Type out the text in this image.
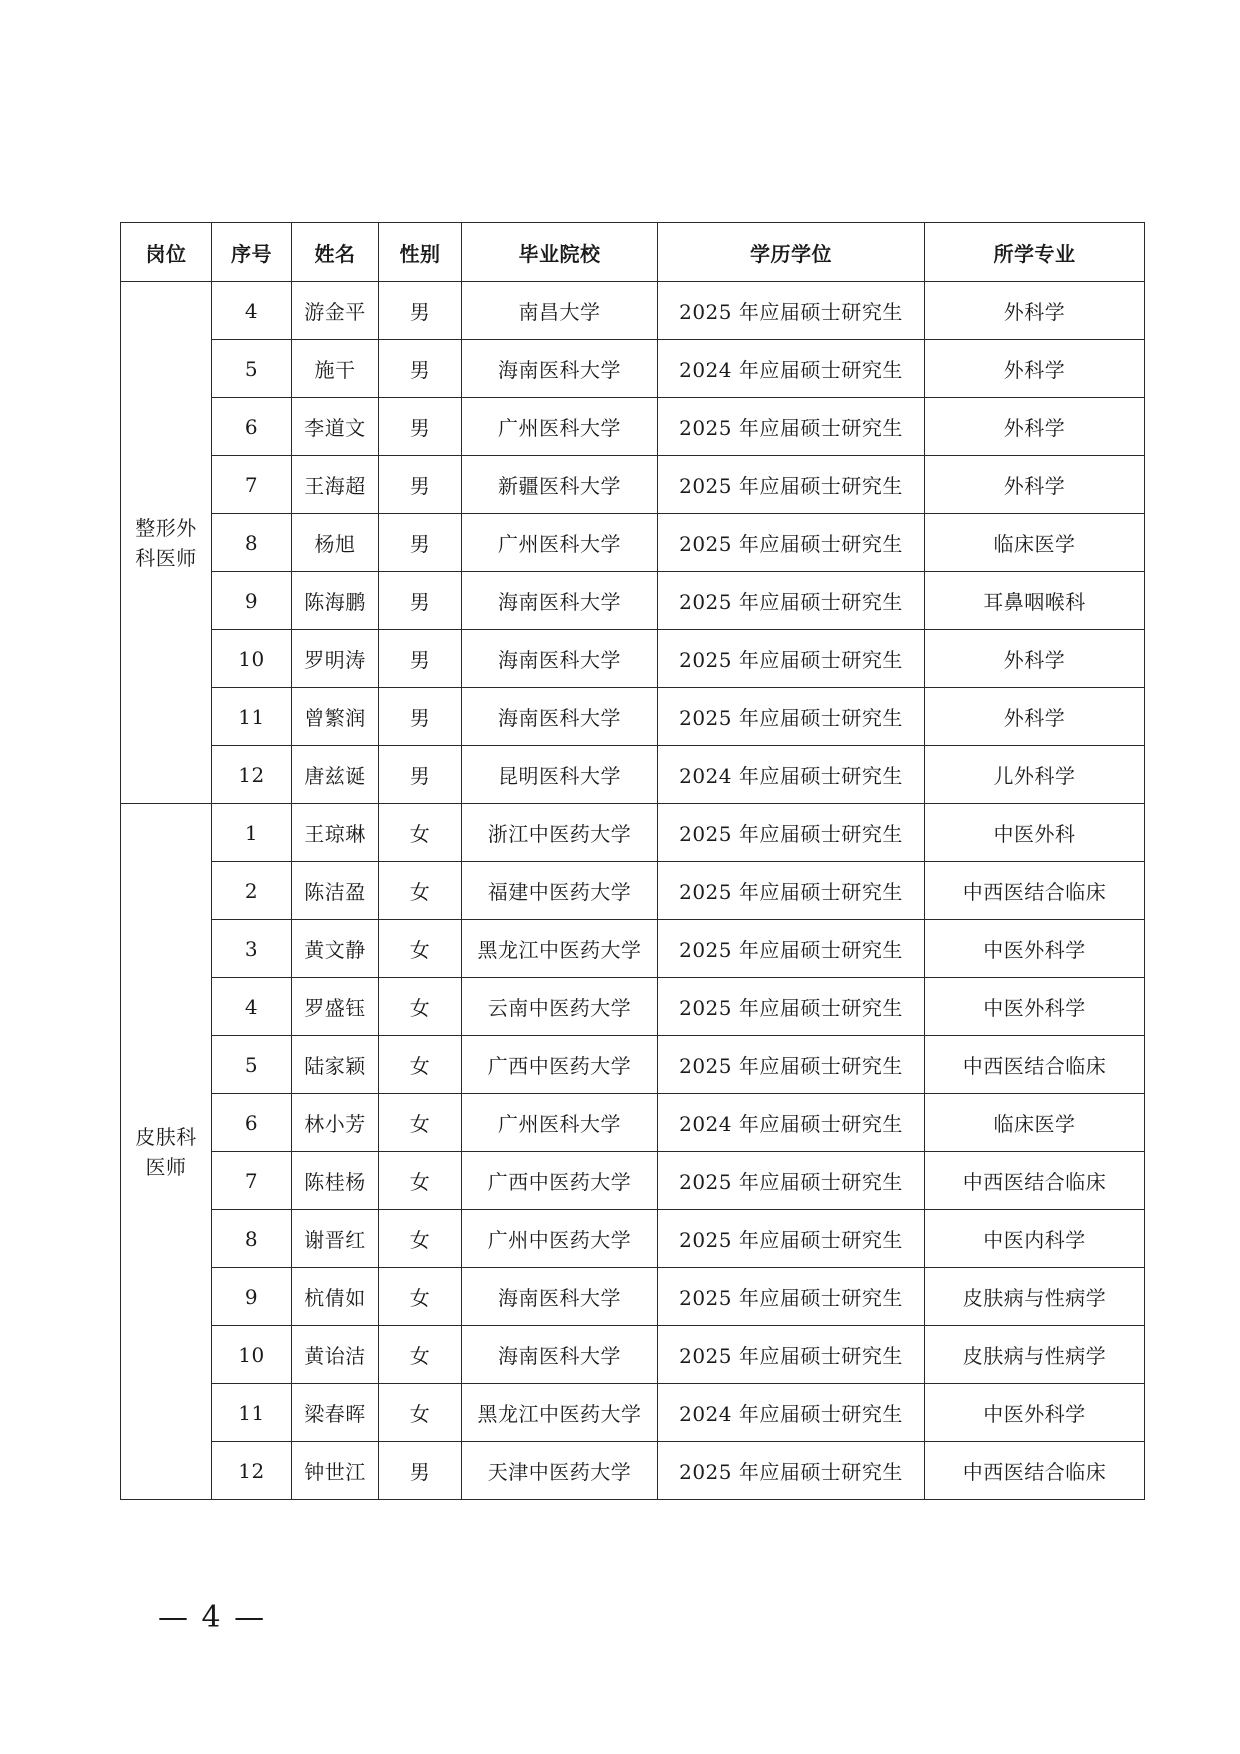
岗位	序号	姓名	性别	毕业院校	学历学位	所学专业

整形外
科医师	4	游金平	男	南昌大学	2025 年应届硕士研究生	外科学
	5	施干	男	海南医科大学	2024 年应届硕士研究生	外科学
	6	李道文	男	广州医科大学	2025 年应届硕士研究生	外科学
	7	王海超	男	新疆医科大学	2025 年应届硕士研究生	外科学
	8	杨旭	男	广州医科大学	2025 年应届硕士研究生	临床医学
	9	陈海鹏	男	海南医科大学	2025 年应届硕士研究生	耳鼻咽喉科
	10	罗明涛	男	海南医科大学	2025 年应届硕士研究生	外科学
	11	曾繁润	男	海南医科大学	2025 年应届硕士研究生	外科学
	12	唐兹诞	男	昆明医科大学	2024 年应届硕士研究生	儿外科学

皮肤科
医师	1	王琼琳	女	浙江中医药大学	2025 年应届硕士研究生	中医外科
	2	陈洁盈	女	福建中医药大学	2025 年应届硕士研究生	中西医结合临床
	3	黄文静	女	黑龙江中医药大学	2025 年应届硕士研究生	中医外科学
	4	罗盛钰	女	云南中医药大学	2025 年应届硕士研究生	中医外科学
	5	陆家颖	女	广西中医药大学	2025 年应届硕士研究生	中西医结合临床
	6	林小芳	女	广州医科大学	2024 年应届硕士研究生	临床医学
	7	陈桂杨	女	广西中医药大学	2025 年应届硕士研究生	中西医结合临床
	8	谢晋红	女	广州中医药大学	2025 年应届硕士研究生	中医内科学
	9	杭倩如	女	海南医科大学	2025 年应届硕士研究生	皮肤病与性病学
	10	黄诒洁	女	海南医科大学	2025 年应届硕士研究生	皮肤病与性病学
	11	梁春晖	女	黑龙江中医药大学	2024 年应届硕士研究生	中医外科学
	12	钟世江	男	天津中医药大学	2025 年应届硕士研究生	中西医结合临床
— 4 —
